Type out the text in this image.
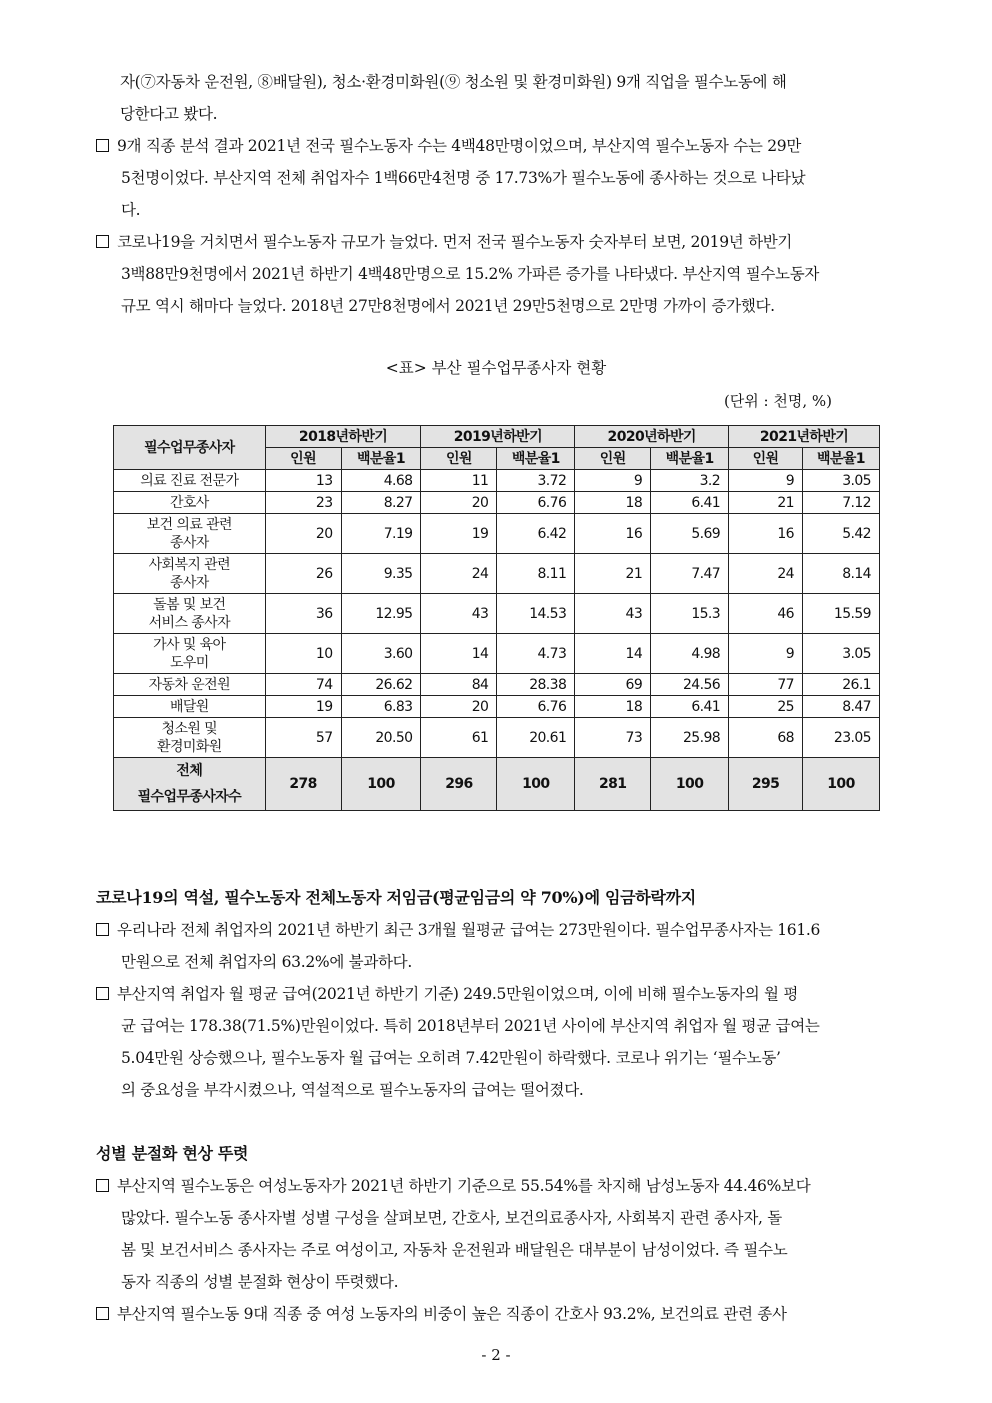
자(⑦자동차 운전원, ⑧배달원), 청소·환경미화원(⑨ 청소원 및 환경미화원) 9개 직업을 필수노동에 해
당한다고 봤다.

9개 직종 분석 결과 2021년 전국 필수노동자 수는 4백48만명이었으며, 부산지역 필수노동자 수는 29만
5천명이었다. 부산지역 전체 취업자수 1백66만4천명 중 17.73%가 필수노동에 종사하는 것으로 나타났
다.

코로나19을 거치면서 필수노동자 규모가 늘었다. 먼저 전국 필수노동자 숫자부터 보면, 2019년 하반기
3백88만9천명에서 2021년 하반기 4백48만명으로 15.2% 가파른 증가를 나타냈다. 부산지역 필수노동자
규모 역시 해마다 늘었다. 2018년 27만8천명에서 2021년 29만5천명으로 2만명 가까이 증가했다.

<표> 부산 필수업무종사자 현황
(단위 : 천명, %)
필수업무종사자	2018년하반기		2019년하반기		2020년하반기		2021년하반기	
	인원	백분율1	인원	백분율1	인원	백분율1	인원	백분율1

의료 진료 전문가	13	4.68	11	3.72	9	3.2	9	3.05

간호사	23	8.27	20	6.76	18	6.41	21	7.12

보건 의료 관련
종사자	20	7.19	19	6.42	16	5.69	16	5.42

사회복지 관련
종사자	26	9.35	24	8.11	21	7.47	24	8.14

돌봄 및 보건
서비스 종사자	36	12.95	43	14.53	43	15.3	46	15.59

가사 및 육아
도우미	10	3.60	14	4.73	14	4.98	9	3.05

자동차 운전원	74	26.62	84	28.38	69	24.56	77	26.1

배달원	19	6.83	20	6.76	18	6.41	25	8.47

청소원 및
환경미화원	57	20.50	61	20.61	73	25.98	68	23.05

전체
필수업무종사자수	278	100	296	100	281	100	295	100

코로나19의 역설, 필수노동자 전체노동자 저임금(평균임금의 약 70%)에 임금하락까지

우리나라 전체 취업자의 2021년 하반기 최근 3개월 월평균 급여는 273만원이다. 필수업무종사자는 161.6
만원으로 전체 취업자의 63.2%에 불과하다.

부산지역 취업자 월 평균 급여(2021년 하반기 기준) 249.5만원이었으며, 이에 비해 필수노동자의 월 평
균 급여는 178.38(71.5%)만원이었다. 특히 2018년부터 2021년 사이에 부산지역 취업자 월 평균 급여는
5.04만원 상승했으나, 필수노동자 월 급여는 오히려 7.42만원이 하락했다. 코로나 위기는 ‘필수노동’
의 중요성을 부각시켰으나, 역설적으로 필수노동자의 급여는 떨어졌다.

성별 분절화 현상 뚜렷

부산지역 필수노동은 여성노동자가 2021년 하반기 기준으로 55.54%를 차지해 남성노동자 44.46%보다
많았다. 필수노동 종사자별 성별 구성을 살펴보면, 간호사, 보건의료종사자, 사회복지 관련 종사자, 돌
봄 및 보건서비스 종사자는 주로 여성이고, 자동차 운전원과 배달원은 대부분이 남성이었다. 즉 필수노
동자 직종의 성별 분절화 현상이 뚜렷했다.

부산지역 필수노동 9대 직종 중 여성 노동자의 비중이 높은 직종이 간호사 93.2%, 보건의료 관련 종사

- 2 -
